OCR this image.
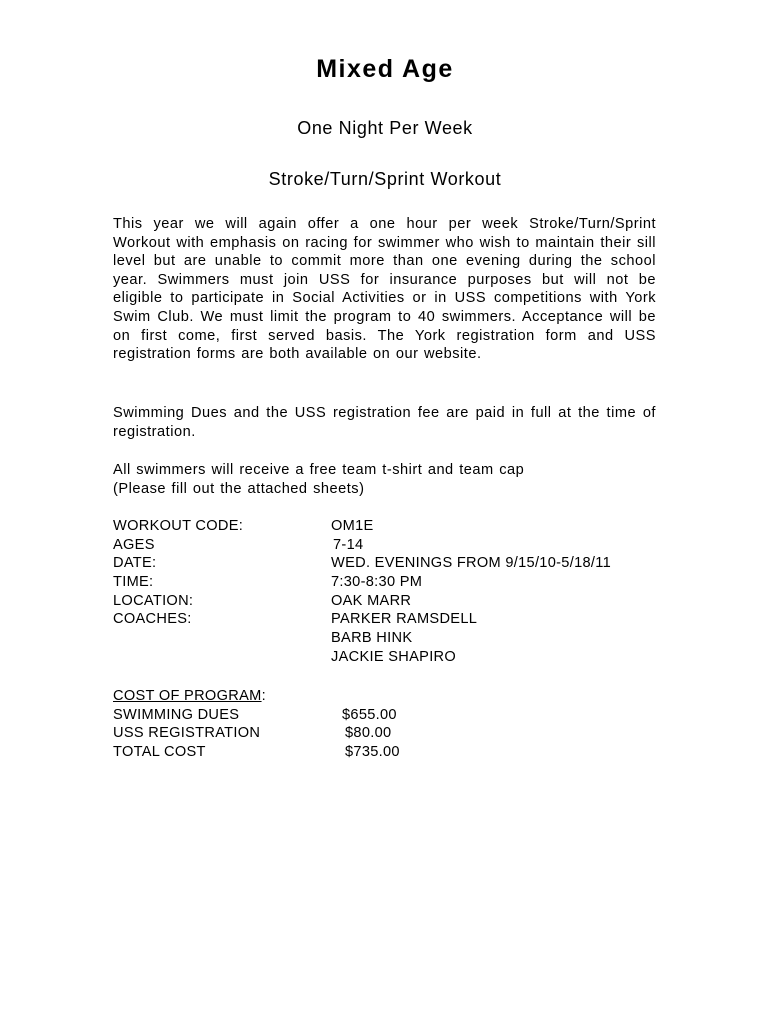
Mixed Age
One Night Per Week
Stroke/Turn/Sprint Workout

This year we will again offer a one hour per week Stroke/Turn/Sprint Workout with emphasis on racing for swimmer who wish to maintain their sill level but are unable to commit more than one evening during the school year. Swimmers must join USS for insurance purposes but will not be eligible to participate in Social Activities or in USS competitions with York Swim Club. We must limit the program to 40 swimmers. Acceptance will be on first come, first served basis. The York registration form and USS registration forms are both available on our website.

Swimming Dues and the USS registration fee are paid in full at the time of registration.

All swimmers will receive a free team t-shirt and team cap

(Please fill out the attached sheets)

WORKOUT CODE:	OM1E
AGES	7-14
DATE:	WED. EVENINGS FROM 9/15/10-5/18/11
TIME:	7:30-8:30 PM
LOCATION:	OAK MARR
COACHES:	PARKER RAMSDELL
BARB HINK
JACKIE SHAPIRO
COST OF PROGRAM:
SWIMMING DUES	$655.00
USS REGISTRATION	$80.00
TOTAL COST	$735.00
